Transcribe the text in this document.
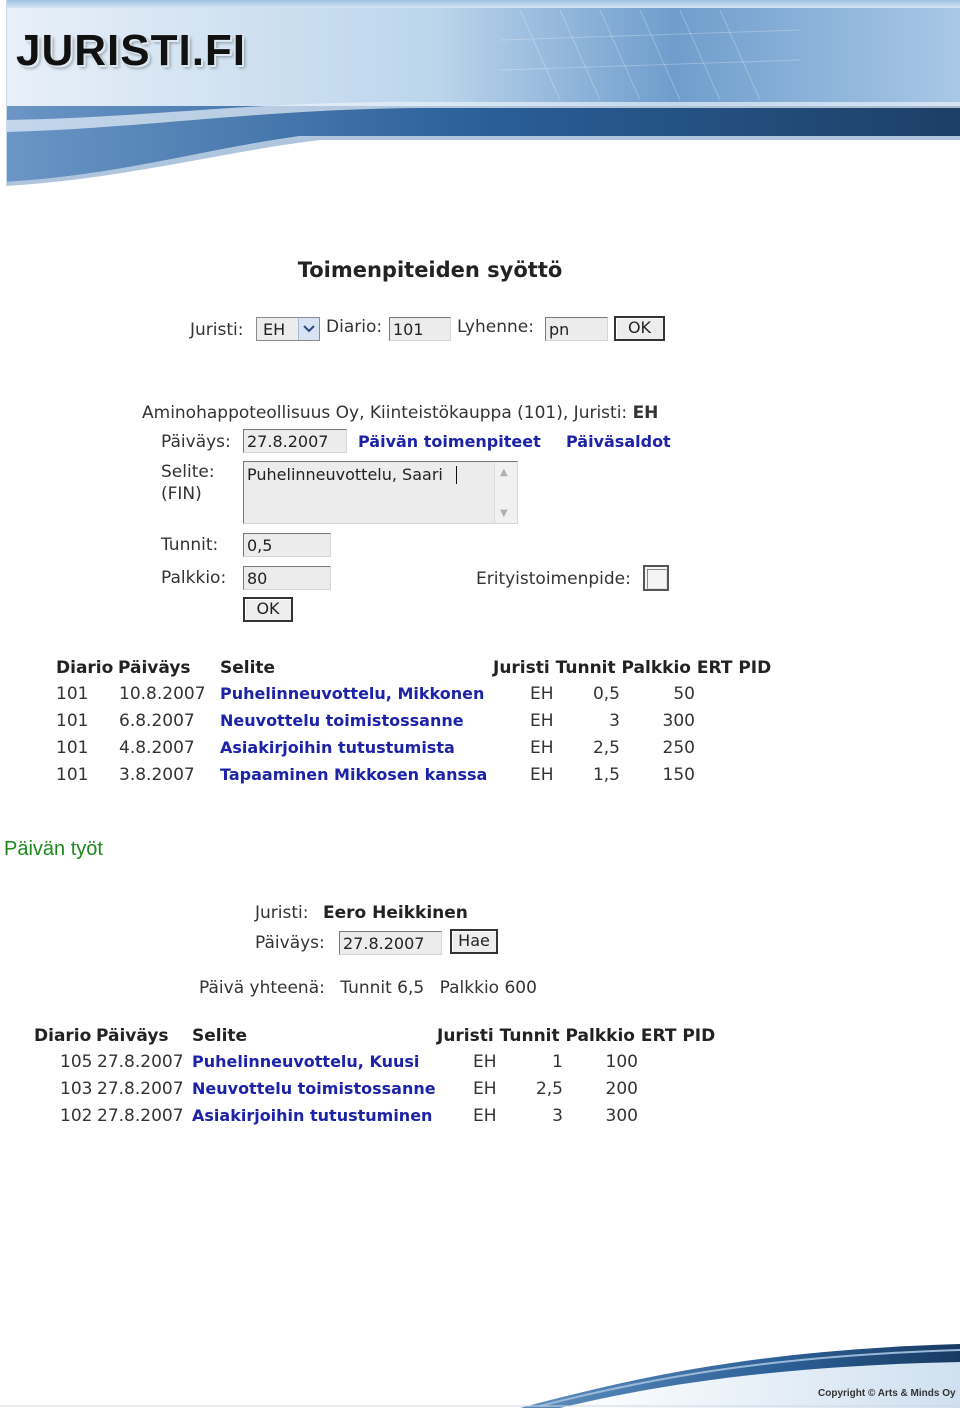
JURISTI.FI
Toimenpiteiden syöttö
Juristi: EH Diario:
101	Lyhenne:
pn	OK
Aminohappoteollisuus Oy, Kiinteistökauppa (101), Juristi: EH
Päiväys:
27.8.2007	Päivän toimenpiteet Päiväsaldot
Selite:
(FIN)
Puhelinneuvottelu, Saari	▲
▼
Tunnit:
0,5
Palkkio:
80	Erityistoimenpide:
OK
Diario Päiväys Selite	Juristi Tunnit Palkkio ERT PID
101 10.8.2007 Puhelinneuvottelu, Mikkonen	EH	0,5	50
101 6.8.2007 Neuvottelu toimistossanne	EH	3	300
101 4.8.2007 Asiakirjoihin tutustumista	EH	2,5	250
101 3.8.2007 Tapaaminen Mikkosen kanssa	EH	1,5	150
Päivän työt
Juristi: Eero Heikkinen
Päiväys:
27.8.2007	Hae
Päivä yhteenä: Tunnit 6,5 Palkkio 600
Diario Päiväys Selite	Juristi Tunnit Palkkio ERT PID
105 27.8.2007 Puhelinneuvottelu, Kuusi	EH	1	100
103 27.8.2007 Neuvottelu toimistossanne EH	2,5	200
102 27.8.2007 Asiakirjoihin tutustuminen EH	3	300
Copyright © Arts & Minds Oy
